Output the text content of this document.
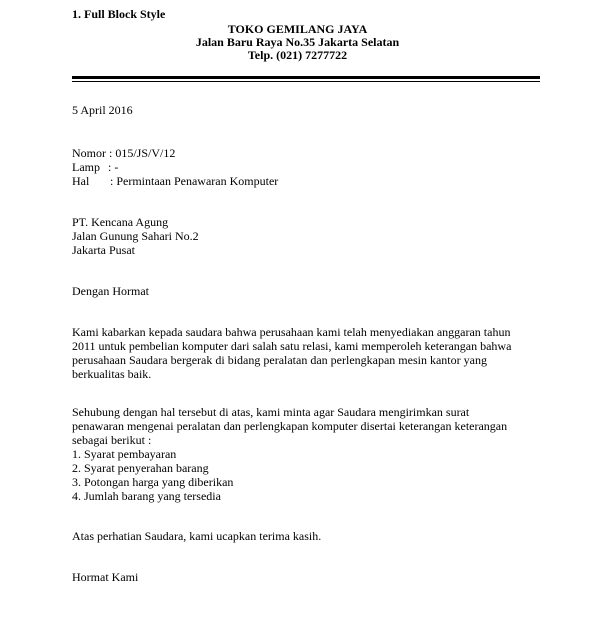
1. Full Block Style
TOKO GEMILANG JAYA
Jalan Baru Raya No.35 Jakarta Selatan
Telp. (021) 7277722
5 April 2016
Nomor : 015/JS/V/12
Lamp : -
Hal : Permintaan Penawaran Komputer
PT. Kencana Agung
Jalan Gunung Sahari No.2
Jakarta Pusat
Dengan Hormat
Kami kabarkan kepada saudara bahwa perusahaan kami telah menyediakan anggaran tahun
2011 untuk pembelian komputer dari salah satu relasi, kami memperoleh keterangan bahwa
perusahaan Saudara bergerak di bidang peralatan dan perlengkapan mesin kantor yang
berkualitas baik.
Sehubung dengan hal tersebut di atas, kami minta agar Saudara mengirimkan surat
penawaran mengenai peralatan dan perlengkapan komputer disertai keterangan keterangan
sebagai berikut :
1. Syarat pembayaran
2. Syarat penyerahan barang
3. Potongan harga yang diberikan
4. Jumlah barang yang tersedia
Atas perhatian Saudara, kami ucapkan terima kasih.
Hormat Kami
